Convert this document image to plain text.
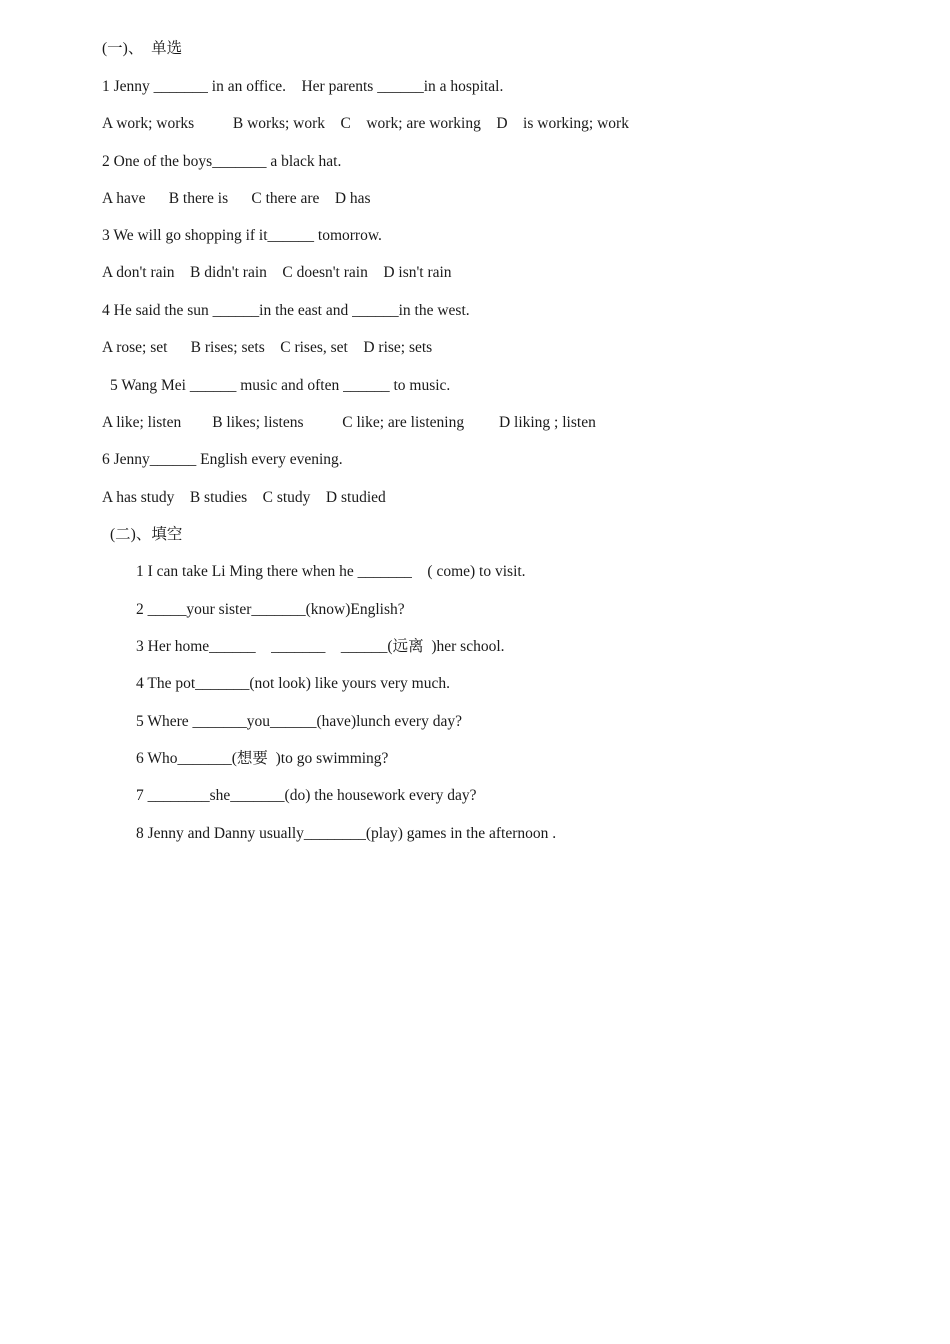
(一)、  单选
1 Jenny _______ in an office.    Her parents ______in a hospital.
A work; works          B works; work    C    work; are working    D    is working; work
2 One of the boys_______ a black hat.
A have      B there is      C there are    D has
3 We will go shopping if it______ tomorrow.
A don't rain    B didn't rain    C doesn't rain    D isn't rain
4 He said the sun ______in the east and ______in the west.
A rose; set      B rises; sets    C rises, set    D rise; sets
5 Wang Mei ______ music and often ______ to music.
A like; listen        B likes; listens          C like; are listening         D liking ; listen
6 Jenny______ English every evening.
A has study    B studies    C study    D studied
(二)、填空
1 I can take Li Ming there when he _______    ( come) to visit.
2 _____your sister_______(know)English?
3 Her home______    _______    ______(远离  )her school.
4 The pot_______(not look) like yours very much.
5 Where _______you______(have)lunch every day?
6 Who_______(想要  )to go swimming?
7 ________she_______(do) the housework every day?
8 Jenny and Danny usually________(play) games in the afternoon .
